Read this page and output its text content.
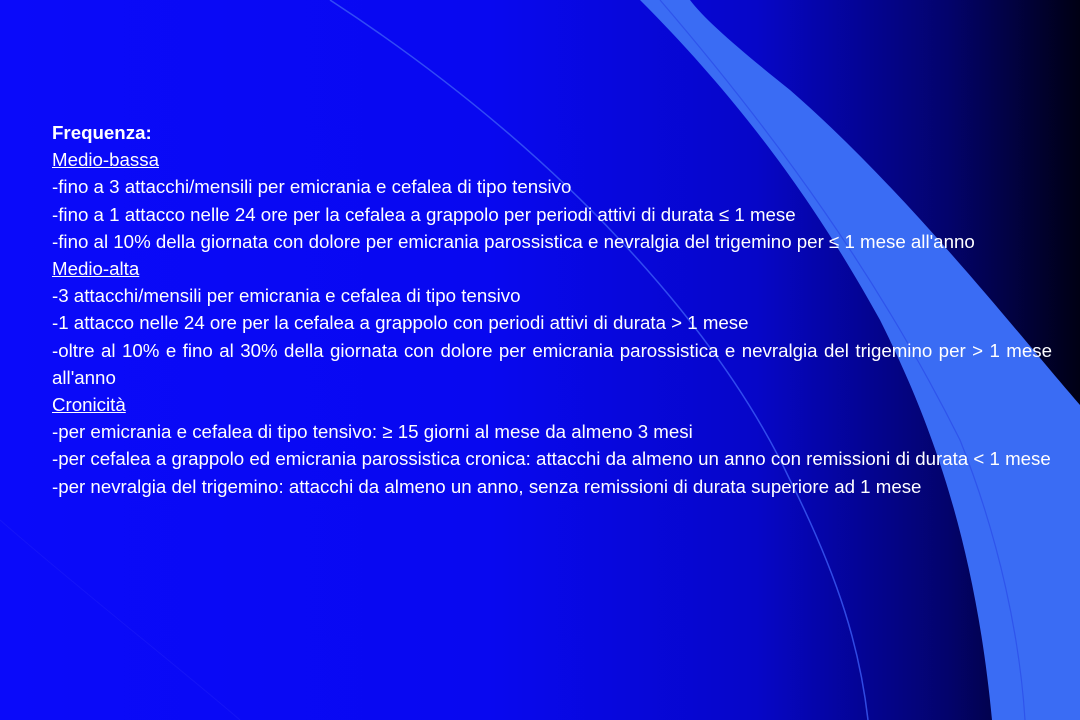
Frequenza:

Medio-bassa

-fino a 3 attacchi/mensili per emicrania e cefalea di tipo tensivo

-fino a 1 attacco nelle 24 ore per la cefalea a grappolo per periodi attivi di durata ≤ 1 mese

-fino al 10% della giornata con dolore per emicrania parossistica e nevralgia del trigemino per ≤ 1 mese all'anno

Medio-alta

-3 attacchi/mensili per emicrania e cefalea di tipo tensivo

-1 attacco nelle 24 ore per la cefalea a grappolo con periodi attivi di durata > 1 mese

-oltre al 10% e fino al 30% della giornata con dolore per emicrania parossistica e nevralgia del trigemino per > 1 mese all'anno

Cronicità

-per emicrania e cefalea di tipo tensivo: ≥ 15 giorni al mese da almeno 3 mesi

-per cefalea a grappolo ed emicrania parossistica cronica: attacchi da almeno un anno con remissioni di durata < 1 mese

-per nevralgia del trigemino: attacchi da almeno un anno, senza remissioni di durata superiore ad 1 mese
